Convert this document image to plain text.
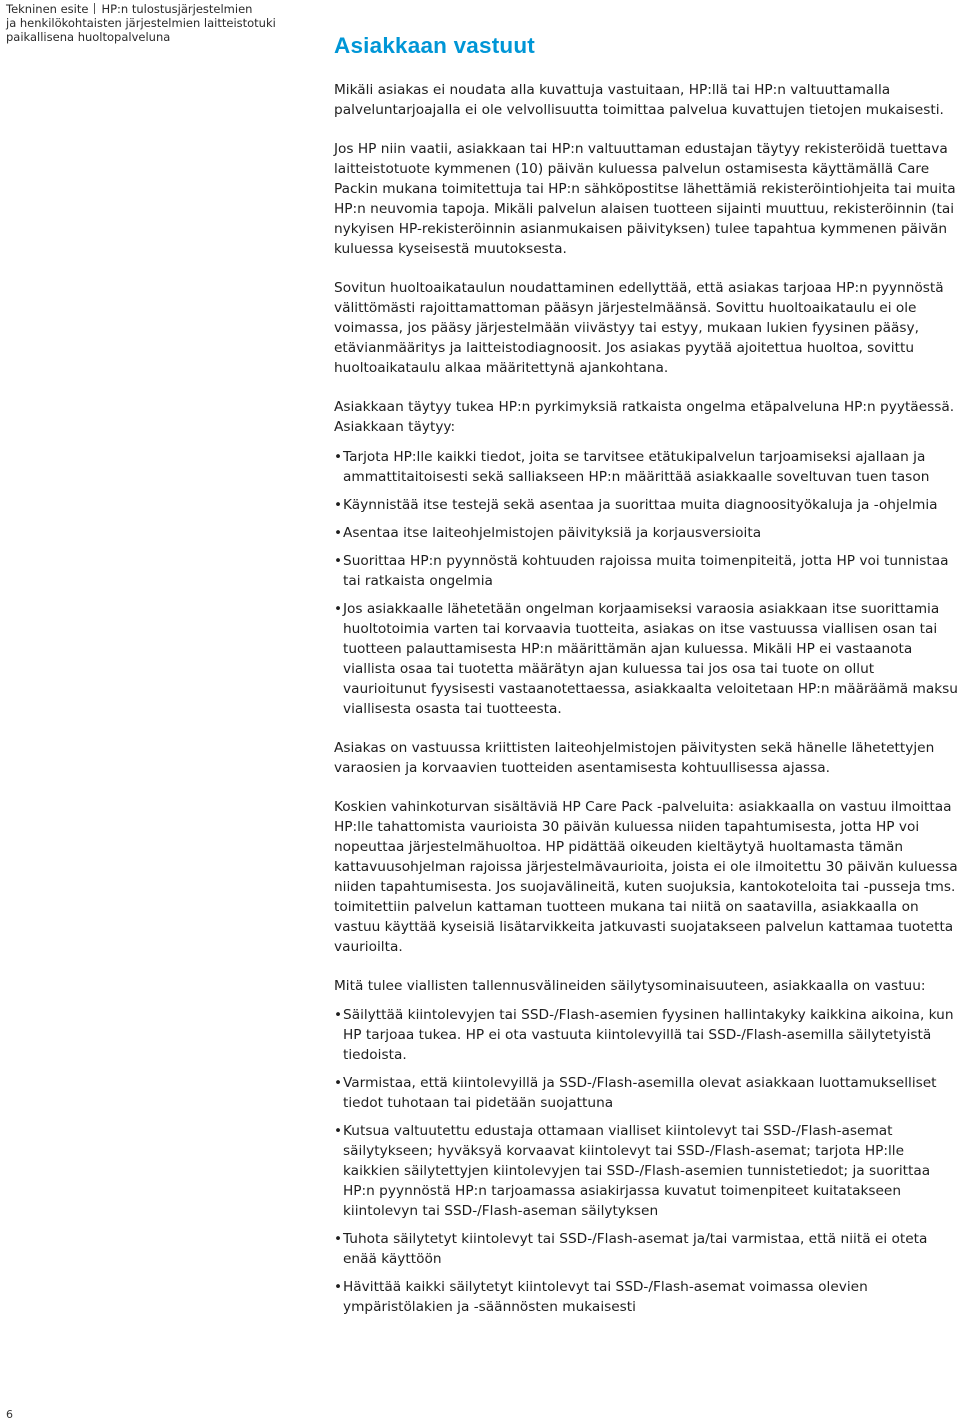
Tekninen esite HP:n tulostusjärjestelmien
ja henkilökohtaisten järjestelmien laitteistotuki
paikallisena huoltopalveluna	Asiakkaan vastuut

Mikäli asiakas ei noudata alla kuvattuja vastuitaan, HP:llä tai HP:n valtuuttamalla palveluntarjoajalla ei ole velvollisuutta toimittaa palvelua kuvattujen tietojen mukaisesti.

Jos HP niin vaatii, asiakkaan tai HP:n valtuuttaman edustajan täytyy rekisteröidä tuettava laitteistotuote kymmenen (10) päivän kuluessa palvelun ostamisesta käyttämällä Care Packin mukana toimitettuja tai HP:n sähköpostitse lähettämiä rekisteröintiohjeita tai muita HP:n neuvomia tapoja. Mikäli palvelun alaisen tuotteen sijainti muuttuu, rekisteröinnin (tai nykyisen HP-rekisteröinnin asianmukaisen päivityksen) tulee tapahtua kymmenen päivän kuluessa kyseisestä muutoksesta.

Sovitun huoltoaikataulun noudattaminen edellyttää, että asiakas tarjoaa HP:n pyynnöstä välittömästi rajoittamattoman pääsyn järjestelmäänsä. Sovittu huoltoaikataulu ei ole voimassa, jos pääsy järjestelmään viivästyy tai estyy, mukaan lukien fyysinen pääsy, etävianmääritys ja laitteistodiagnoosit. Jos asiakas pyytää ajoitettua huoltoa, sovittu huoltoaikataulu alkaa määritettynä ajankohtana.

Asiakkaan täytyy tukea HP:n pyrkimyksiä ratkaista ongelma etäpalveluna HP:n pyytäessä. Asiakkaan täytyy:

• Tarjota HP:lle kaikki tiedot, joita se tarvitsee etätukipalvelun tarjoamiseksi ajallaan ja ammattitaitoisesti sekä salliakseen HP:n määrittää asiakkaalle soveltuvan tuen tason
• Käynnistää itse testejä sekä asentaa ja suorittaa muita diagnoosityökaluja ja -ohjelmia
• Asentaa itse laiteohjelmistojen päivityksiä ja korjausversioita
• Suorittaa HP:n pyynnöstä kohtuuden rajoissa muita toimenpiteitä, jotta HP voi tunnistaa tai ratkaista ongelmia
• Jos asiakkaalle lähetetään ongelman korjaamiseksi varaosia asiakkaan itse suorittamia huoltotoimia varten tai korvaavia tuotteita, asiakas on itse vastuussa viallisen osan tai tuotteen palauttamisesta HP:n määrittämän ajan kuluessa. Mikäli HP ei vastaanota viallista osaa tai tuotetta määrätyn ajan kuluessa tai jos osa tai tuote on ollut vaurioitunut fyysisesti vastaanotettaessa, asiakkaalta veloitetaan HP:n määräämä maksu viallisesta osasta tai tuotteesta.

Asiakas on vastuussa kriittisten laiteohjelmistojen päivitysten sekä hänelle lähetettyjen varaosien ja korvaavien tuotteiden asentamisesta kohtuullisessa ajassa.

Koskien vahinkoturvan sisältäviä HP Care Pack -palveluita: asiakkaalla on vastuu ilmoittaa HP:lle tahattomista vaurioista 30 päivän kuluessa niiden tapahtumisesta, jotta HP voi nopeuttaa järjestelmähuoltoa. HP pidättää oikeuden kieltäytyä huoltamasta tämän kattavuusohjelman rajoissa järjestelmävaurioita, joista ei ole ilmoitettu 30 päivän kuluessa niiden tapahtumisesta. Jos suojavälineitä, kuten suojuksia, kantokoteloita tai -pusseja tms. toimitettiin palvelun kattaman tuotteen mukana tai niitä on saatavilla, asiakkaalla on vastuu käyttää kyseisiä lisätarvikkeita jatkuvasti suojatakseen palvelun kattamaa tuotetta vaurioilta.

Mitä tulee viallisten tallennusvälineiden säilytysominaisuuteen, asiakkaalla on vastuu:

• Säilyttää kiintolevyjen tai SSD-/Flash-asemien fyysinen hallintakyky kaikkina aikoina, kun HP tarjoaa tukea. HP ei ota vastuuta kiintolevyillä tai SSD-/Flash-asemilla säilytetyistä tiedoista.
• Varmistaa, että kiintolevyillä ja SSD-/Flash-asemilla olevat asiakkaan luottamukselliset tiedot tuhotaan tai pidetään suojattuna
• Kutsua valtuutettu edustaja ottamaan vialliset kiintolevyt tai SSD-/Flash-asemat säilytykseen; hyväksyä korvaavat kiintolevyt tai SSD-/Flash-asemat; tarjota HP:lle kaikkien säilytettyjen kiintolevyjen tai SSD-/Flash-asemien tunnistetiedot; ja suorittaa HP:n pyynnöstä HP:n tarjoamassa asiakirjassa kuvatut toimenpiteet kuitatakseen kiintolevyn tai SSD-/Flash-aseman säilytyksen
• Tuhota säilytetyt kiintolevyt tai SSD-/Flash-asemat ja/tai varmistaa, että niitä ei oteta enää käyttöön
• Hävittää kaikki säilytetyt kiintolevyt tai SSD-/Flash-asemat voimassa olevien ympäristölakien ja -säännösten mukaisesti
6
